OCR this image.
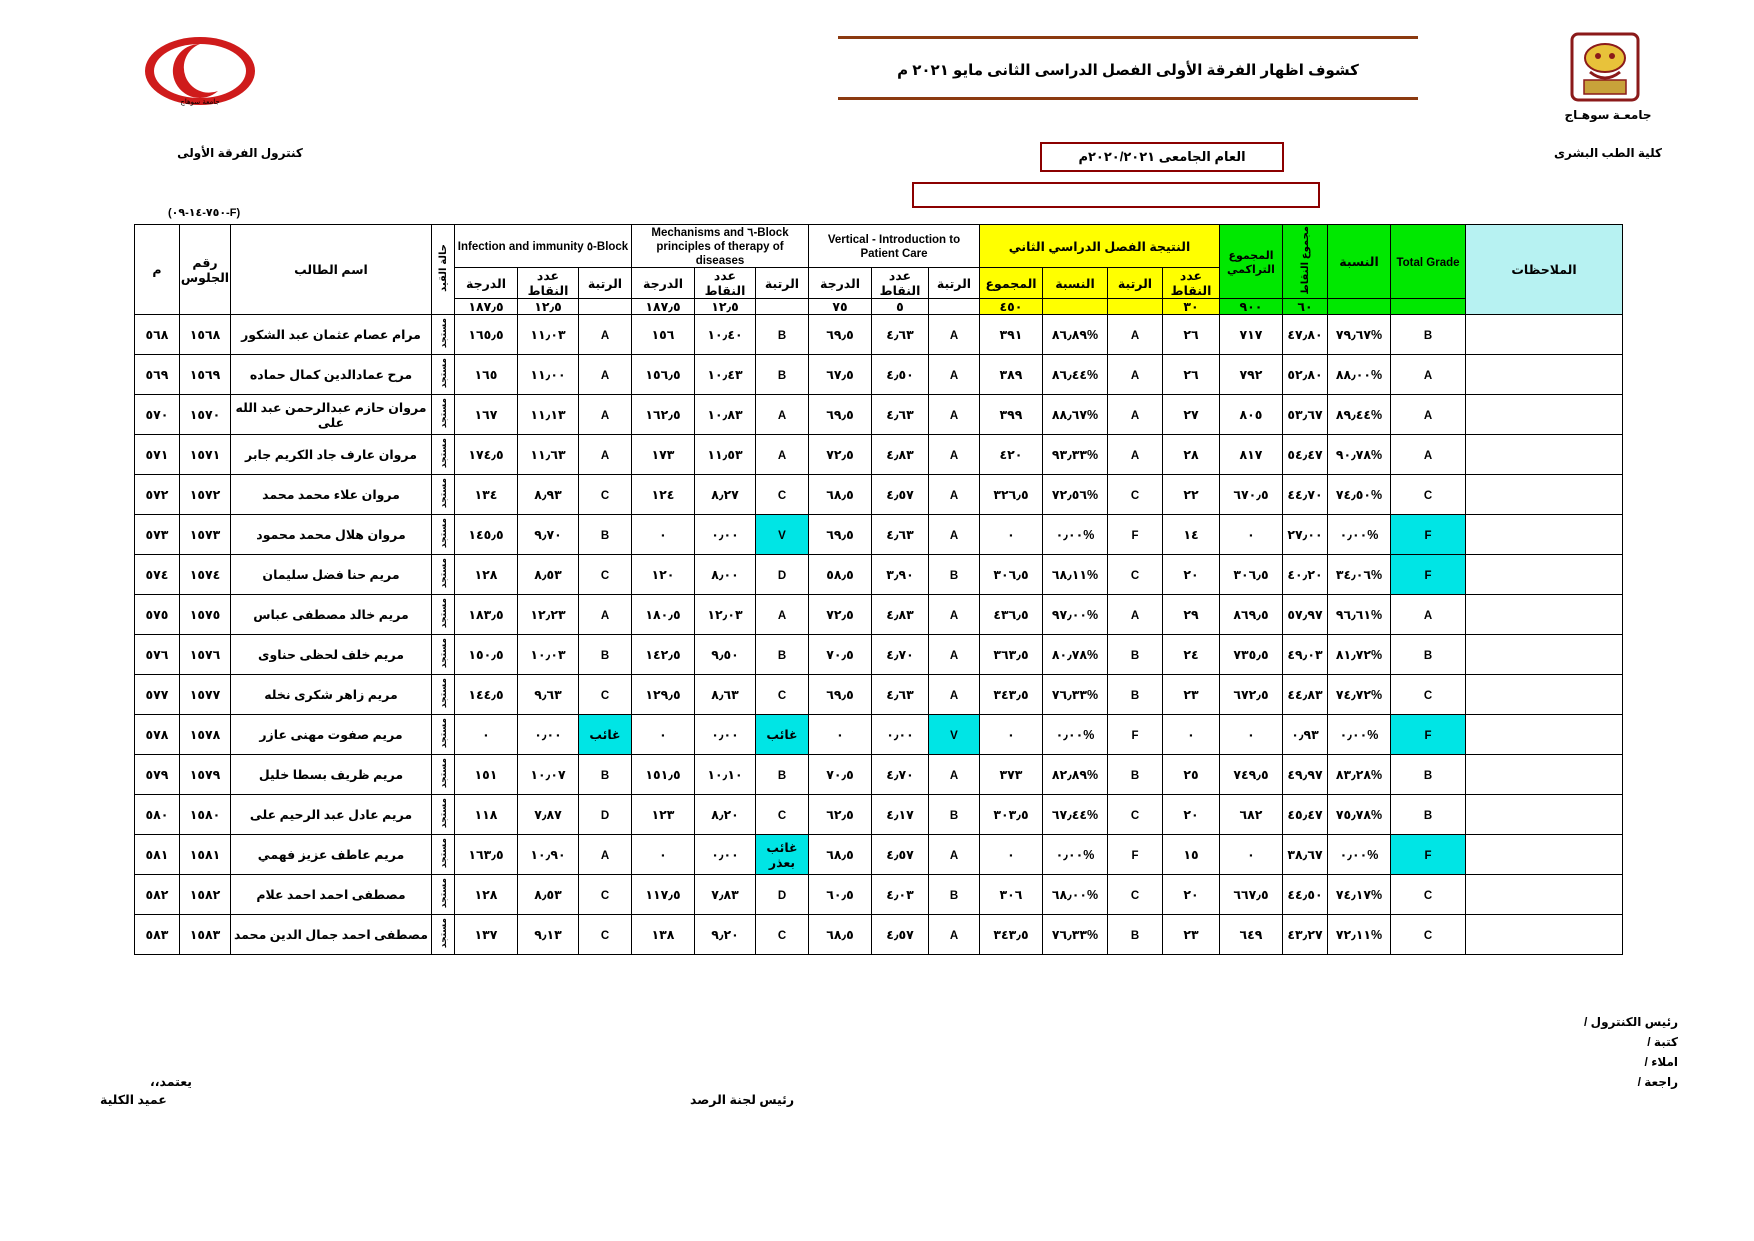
جامعة سوهاج
كشوف اظهار الفرقة الأولى الفصل الدراسى الثانى مايو ٢٠٢١ م
جامعـة سوهـاج
كلية الطب البشرى
كنترول الفرقة الأولى	العام الجامعى ٢٠٢٠/٢٠٢١م
(F-٧٥٠-١٤-٠٩)
الملاحظات	Total Grade	النسبة	مجموع النقاط	المجموع التراكمي	النتيجة الفصل الدراسي الثاني				Vertical - Introduction to Patient Care			Block-٦ Mechanisms and principles of therapy of diseases			Block-٥ Infection and immunity			حالة القيد	اسم الطالب	رقم الجلوس	م
					عدد النقاط	الرتبة	النسبة	المجموع	الرتبة	عدد النقاط	الدرجة	الرتبة	عدد النقاط	الدرجة	الرتبة	عدد النقاط	الدرجة				
			٦٠	٩٠٠	٣٠			٤٥٠		٥	٧٥		١٢٫٥	١٨٧٫٥		١٢٫٥	١٨٧٫٥				
	B	%٧٩٫٦٧	٤٧٫٨٠	٧١٧	٢٦	A	%٨٦٫٨٩	٣٩١	A	٤٫٦٣	٦٩٫٥	B	١٠٫٤٠	١٥٦	A	١١٫٠٣	١٦٥٫٥	مستجد	مرام عصام عثمان عبد الشكور	١٥٦٨	٥٦٨
	A	%٨٨٫٠٠	٥٢٫٨٠	٧٩٢	٢٦	A	%٨٦٫٤٤	٣٨٩	A	٤٫٥٠	٦٧٫٥	B	١٠٫٤٣	١٥٦٫٥	A	١١٫٠٠	١٦٥	مستجد	مرح عمادالدين كمال حماده	١٥٦٩	٥٦٩
	A	%٨٩٫٤٤	٥٣٫٦٧	٨٠٥	٢٧	A	%٨٨٫٦٧	٣٩٩	A	٤٫٦٣	٦٩٫٥	A	١٠٫٨٣	١٦٢٫٥	A	١١٫١٣	١٦٧	مستجد	مروان حازم عبدالرحمن عبد الله على	١٥٧٠	٥٧٠
	A	%٩٠٫٧٨	٥٤٫٤٧	٨١٧	٢٨	A	%٩٣٫٣٣	٤٢٠	A	٤٫٨٣	٧٢٫٥	A	١١٫٥٣	١٧٣	A	١١٫٦٣	١٧٤٫٥	مستجد	مروان عارف جاد الكريم جابر	١٥٧١	٥٧١
	C	%٧٤٫٥٠	٤٤٫٧٠	٦٧٠٫٥	٢٢	C	%٧٢٫٥٦	٣٢٦٫٥	A	٤٫٥٧	٦٨٫٥	C	٨٫٢٧	١٢٤	C	٨٫٩٣	١٣٤	مستجد	مروان علاء محمد محمد	١٥٧٢	٥٧٢
	F	%٠٫٠٠	٢٧٫٠٠	٠	١٤	F	%٠٫٠٠	٠	A	٤٫٦٣	٦٩٫٥	V	٠٫٠٠	٠	B	٩٫٧٠	١٤٥٫٥	مستجد	مروان هلال محمد محمود	١٥٧٣	٥٧٣
	F	%٣٤٫٠٦	٤٠٫٢٠	٣٠٦٫٥	٢٠	C	%٦٨٫١١	٣٠٦٫٥	B	٣٫٩٠	٥٨٫٥	D	٨٫٠٠	١٢٠	C	٨٫٥٣	١٢٨	مستجد	مريم حنا فضل سليمان	١٥٧٤	٥٧٤
	A	%٩٦٫٦١	٥٧٫٩٧	٨٦٩٫٥	٢٩	A	%٩٧٫٠٠	٤٣٦٫٥	A	٤٫٨٣	٧٢٫٥	A	١٢٫٠٣	١٨٠٫٥	A	١٢٫٢٣	١٨٣٫٥	مستجد	مريم خالد مصطفى عباس	١٥٧٥	٥٧٥
	B	%٨١٫٧٢	٤٩٫٠٣	٧٣٥٫٥	٢٤	B	%٨٠٫٧٨	٣٦٣٫٥	A	٤٫٧٠	٧٠٫٥	B	٩٫٥٠	١٤٢٫٥	B	١٠٫٠٣	١٥٠٫٥	مستجد	مريم خلف لحظى حناوى	١٥٧٦	٥٧٦
	C	%٧٤٫٧٢	٤٤٫٨٣	٦٧٢٫٥	٢٣	B	%٧٦٫٣٣	٣٤٣٫٥	A	٤٫٦٣	٦٩٫٥	C	٨٫٦٣	١٢٩٫٥	C	٩٫٦٣	١٤٤٫٥	مستجد	مريم زاهر شكرى نخله	١٥٧٧	٥٧٧
	F	%٠٫٠٠	٠٫٩٣	٠	٠	F	%٠٫٠٠	٠	V	٠٫٠٠	٠	غائب	٠٫٠٠	٠	غائب	٠٫٠٠	٠	مستجد	مريم صفوت مهنى عازر	١٥٧٨	٥٧٨
	B	%٨٣٫٢٨	٤٩٫٩٧	٧٤٩٫٥	٢٥	B	%٨٢٫٨٩	٣٧٣	A	٤٫٧٠	٧٠٫٥	B	١٠٫١٠	١٥١٫٥	B	١٠٫٠٧	١٥١	مستجد	مريم ظريف بسطا خليل	١٥٧٩	٥٧٩
	B	%٧٥٫٧٨	٤٥٫٤٧	٦٨٢	٢٠	C	%٦٧٫٤٤	٣٠٣٫٥	B	٤٫١٧	٦٢٫٥	C	٨٫٢٠	١٢٣	D	٧٫٨٧	١١٨	مستجد	مريم عادل عبد الرحيم على	١٥٨٠	٥٨٠
	F	%٠٫٠٠	٣٨٫٦٧	٠	١٥	F	%٠٫٠٠	٠	A	٤٫٥٧	٦٨٫٥	غائب بعذر	٠٫٠٠	٠	A	١٠٫٩٠	١٦٣٫٥	مستجد	مريم عاطف عزيز فهمي	١٥٨١	٥٨١
	C	%٧٤٫١٧	٤٤٫٥٠	٦٦٧٫٥	٢٠	C	%٦٨٫٠٠	٣٠٦	B	٤٫٠٣	٦٠٫٥	D	٧٫٨٣	١١٧٫٥	C	٨٫٥٣	١٢٨	مستجد	مصطفى احمد احمد علام	١٥٨٢	٥٨٢
	C	%٧٢٫١١	٤٣٫٢٧	٦٤٩	٢٣	B	%٧٦٫٣٣	٣٤٣٫٥	A	٤٫٥٧	٦٨٫٥	C	٩٫٢٠	١٣٨	C	٩٫١٣	١٣٧	مستجد	مصطفى احمد جمال الدين محمد	١٥٨٣	٥٨٣
رئيس الكنترول /
كتبة /
املاء /
راجعة /
رئيس لجنة الرصد
يعتمد،،
عميد الكلية
